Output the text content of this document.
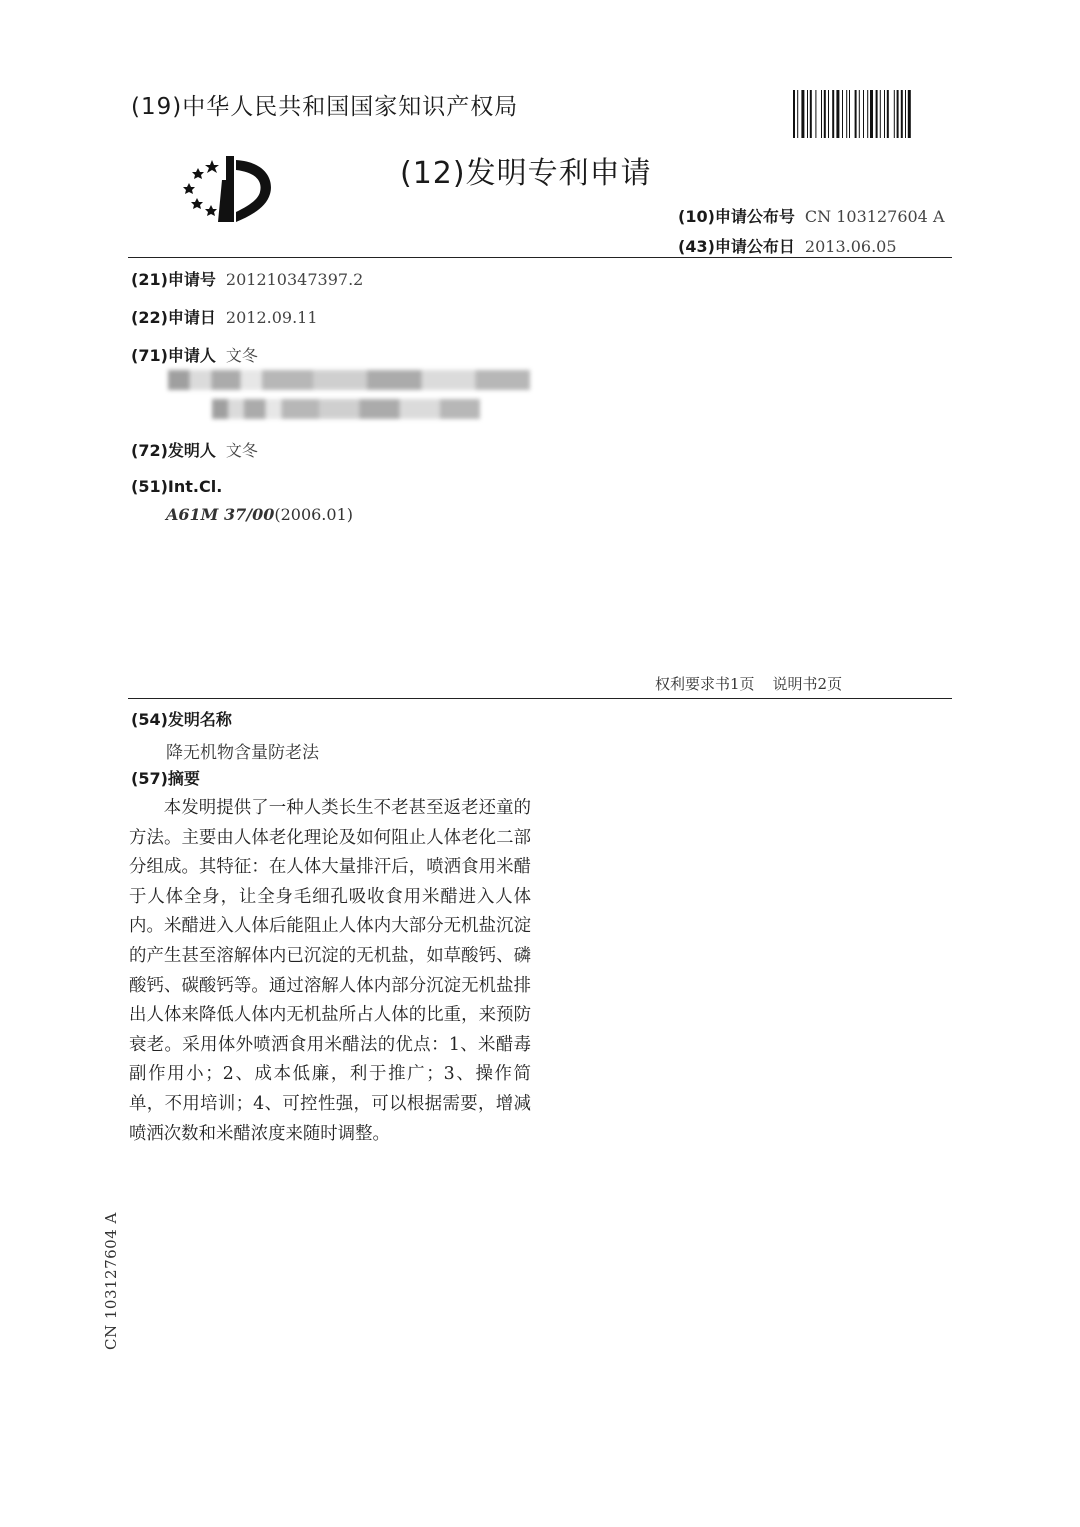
(19)中华人民共和国国家知识产权局
(12)发明专利申请
(10)申请公布号 CN 103127604 A
(43)申请公布日 2013.06.05
(21)申请号 201210347397.2
(22)申请日 2012.09.11
(71)申请人 文冬
(72)发明人 文冬
(51)Int.Cl.
A61M 37/00(2006.01)
权利要求书1页 说明书2页
(54)发明名称
降无机物含量防老法
(57)摘要
本发明提供了一种人类长生不老甚至返老还童的方法。主要由人体老化理论及如何阻止人体老化二部分组成。其特征：在人体大量排汗后，喷洒食用米醋于人体全身，让全身毛细孔吸收食用米醋进入人体内。米醋进入人体后能阻止人体内大部分无机盐沉淀的产生甚至溶解体内已沉淀的无机盐，如草酸钙、磷酸钙、碳酸钙等。通过溶解人体内部分沉淀无机盐排出人体来降低人体内无机盐所占人体的比重，来预防衰老。采用体外喷洒食用米醋法的优点：1、米醋毒副作用小；2、成本低廉，利于推广；3、操作简单，不用培训；4、可控性强，可以根据需要，增减喷洒次数和米醋浓度来随时调整。
CN 103127604 A
